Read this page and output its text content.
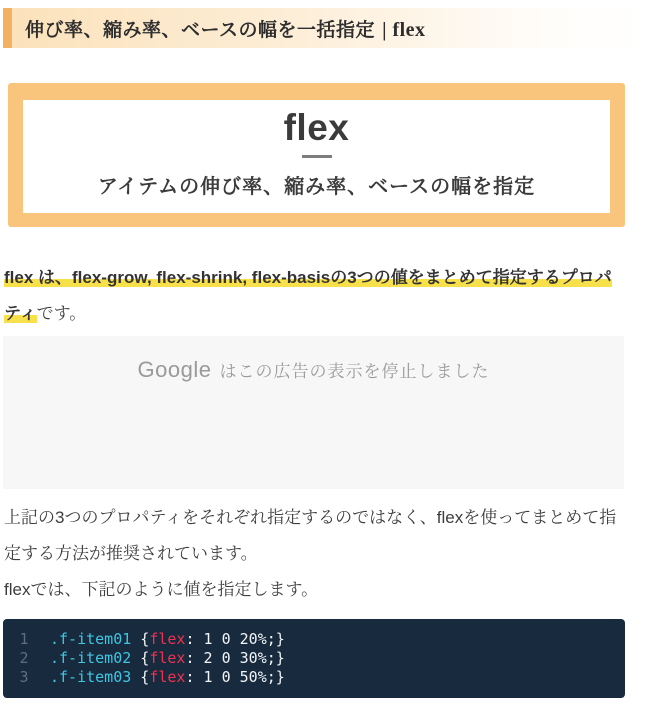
伸び率、縮み率、ベースの幅を一括指定 | flex
flex
アイテムの伸び率、縮み率、ベースの幅を指定

flex は、flex-grow, flex-shrink, flex-basisの3つの値をまとめて指定するプロパティです。

Google はこの広告の表示を停止しました

上記の3つのプロパティをそれぞれ指定するのではなく、flexを使ってまとめて指定する方法が推奨されています。

flexでは、下記のように値を指定します。

1 .f-item01 {flex: 1 0 20%;}
2 .f-item02 {flex: 2 0 30%;}
3 .f-item03 {flex: 1 0 50%;}
